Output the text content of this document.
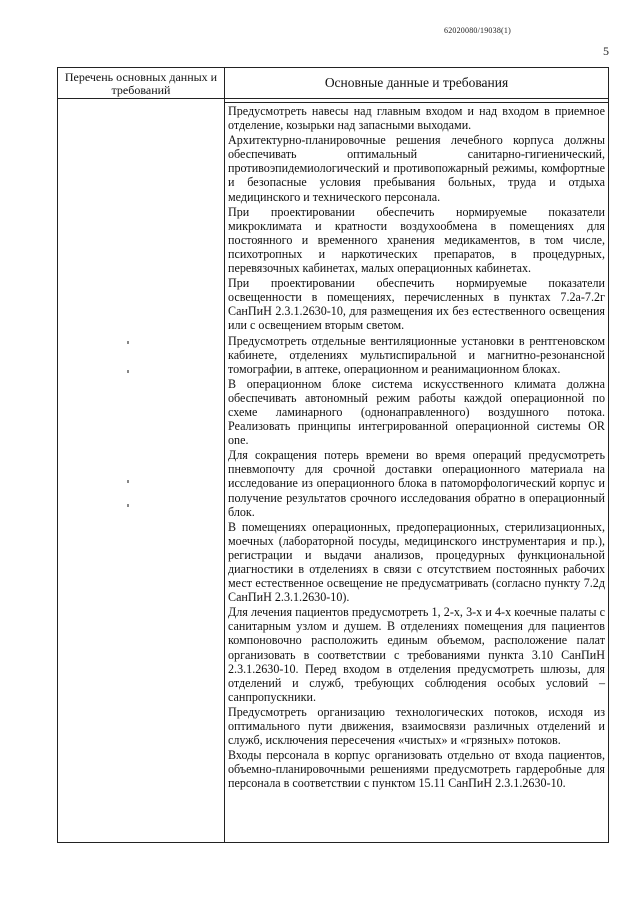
62020080/19038(1)
5
Перечень основных данных и требований	Основные данные и требования

Предусмотреть навесы над главным входом и над входом в приемное отделение, козырьки над запасными выходами.

Архитектурно-планировочные решения лечебного корпуса должны обеспечивать оптимальный санитарно-гигиенический, противоэпидемиологический и противопожарный режимы, комфортные и безопасные условия пребывания больных, труда и отдыха медицинского и технического персонала.

При проектировании обеспечить нормируемые показатели микроклимата и кратности воздухообмена в помещениях для постоянного и временного хранения медикаментов, в том числе, психотропных и наркотических препаратов, в процедурных, перевязочных кабинетах, малых операционных кабинетах.

При проектировании обеспечить нормируемые показатели освещенности в помещениях, перечисленных в пунктах 7.2а-7.2г СанПиН 2.3.1.2630-10, для размещения их без естественного освещения или с освещением вторым светом.

Предусмотреть отдельные вентиляционные установки в рентгеновском кабинете, отделениях мультиспиральной и магнитно-резонансной томографии, в аптеке, операционном и реанимационном блоках.

В операционном блоке система искусственного климата должна обеспечивать автономный режим работы каждой операционной по схеме ламинарного (однонаправленного) воздушного потока. Реализовать принципы интегрированной операционной системы OR one.

Для сокращения потерь времени во время операций предусмотреть пневмопочту для срочной доставки операционного материала на исследование из операционного блока в патоморфологический корпус и получение результатов срочного исследования обратно в операционный блок.

В помещениях операционных, предоперационных, стерилизационных, моечных (лабораторной посуды, медицинского инструментария и пр.), регистрации и выдачи анализов, процедурных функциональной диагностики в отделениях в связи с отсутствием постоянных рабочих мест естественное освещение не предусматривать (согласно пункту 7.2д СанПиН 2.3.1.2630-10).

Для лечения пациентов предусмотреть 1, 2-х, 3-х и 4-х коечные палаты с санитарным узлом и душем. В отделениях помещения для пациентов компоновочно расположить единым объемом, расположение палат организовать в соответствии с требованиями пункта 3.10 СанПиН 2.3.1.2630-10. Перед входом в отделения предусмотреть шлюзы, для отделений и служб, требующих соблюдения особых условий – санпропускники.

Предусмотреть организацию технологических потоков, исходя из оптимального пути движения, взаимосвязи различных отделений и служб, исключения пересечения «чистых» и «грязных» потоков.

Входы персонала в корпус организовать отдельно от входа пациентов, объемно-планировочными решениями предусмотреть гардеробные для персонала в соответствии с пунктом 15.11 СанПиН 2.3.1.2630-10.
